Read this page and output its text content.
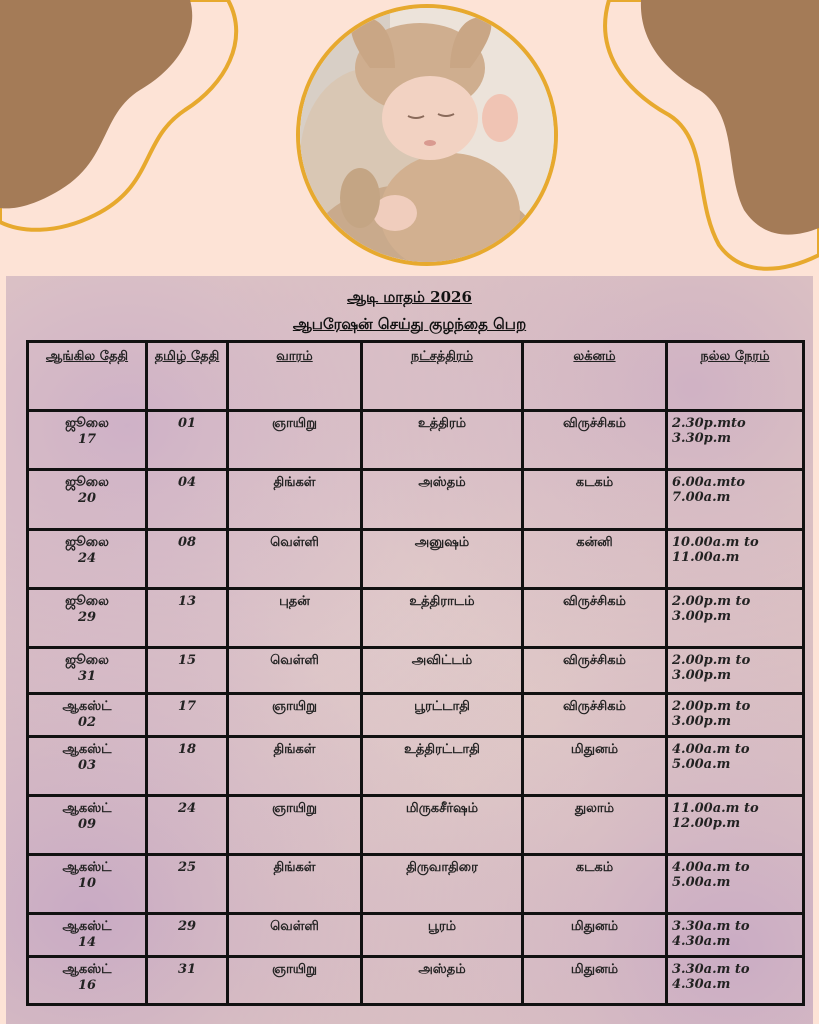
ஆடி மாதம் 2026
ஆபரேஷன் செய்து குழந்தை பெற
ஆங்கில தேதி	தமிழ் தேதி	வாரம்	நட்சத்திரம்	லக்னம்	நல்ல நேரம்

ஜூலை
17	01	ஞாயிறு	உத்திரம்	விருச்சிகம்	2.30p.mto
3.30p.m

ஜூலை
20	04	திங்கள்	அஸ்தம்	கடகம்	6.00a.mto
7.00a.m

ஜூலை
24	08	வெள்ளி	அனுஷம்	கன்னி	10.00a.m to
11.00a.m

ஜூலை
29	13	புதன்	உத்திராடம்	விருச்சிகம்	2.00p.m to
3.00p.m

ஜூலை
31	15	வெள்ளி	அவிட்டம்	விருச்சிகம்	2.00p.m to
3.00p.m

ஆகஸ்ட்
02	17	ஞாயிறு	பூரட்டாதி	விருச்சிகம்	2.00p.m to
3.00p.m

ஆகஸ்ட்
03	18	திங்கள்	உத்திரட்டாதி	மிதுனம்	4.00a.m to
5.00a.m

ஆகஸ்ட்
09	24	ஞாயிறு	மிருகசீர்ஷம்	துலாம்	11.00a.m to
12.00p.m

ஆகஸ்ட்
10	25	திங்கள்	திருவாதிரை	கடகம்	4.00a.m to
5.00a.m

ஆகஸ்ட்
14	29	வெள்ளி	பூரம்	மிதுனம்	3.30a.m to
4.30a.m

ஆகஸ்ட்
16	31	ஞாயிறு	அஸ்தம்	மிதுனம்	3.30a.m to
4.30a.m
